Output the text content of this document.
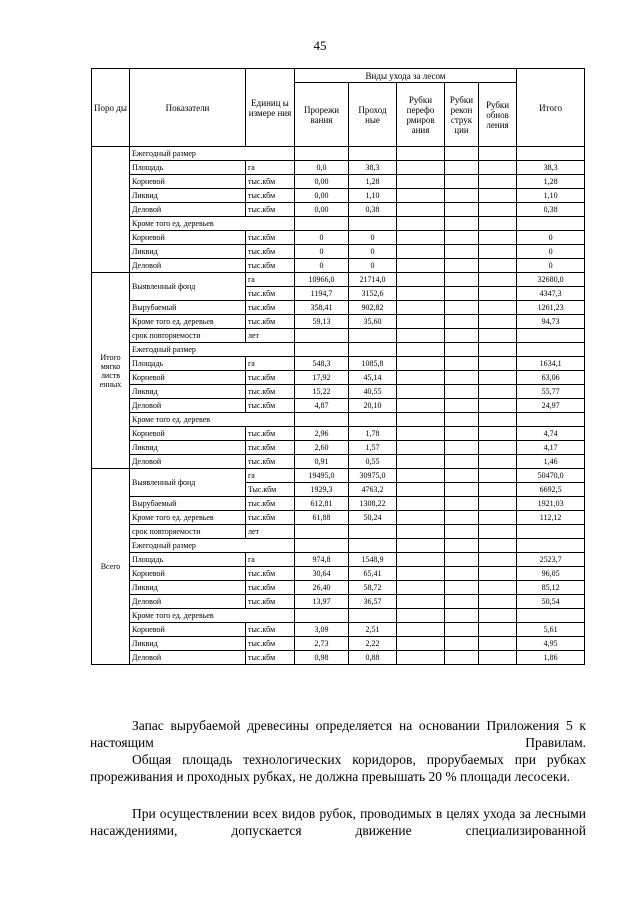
45
Поро ды	Показатели	Единиц ы измере ния	Виды ухода за лесом					Итого
			Прорежи вания	Проход ные	Рубки перефо рмиров ания	Рубки рекон струк ции	Рубки обнов ления	
	Ежегодный размер							
	Площадь	га	0,0	38,3				38,3
	Корневой	тыс.кбм	0,00	1,28				1,28
	Ликвид	тыс.кбм	0,00	1,10				1,10
	Деловой	тыс.кбм	0,00	0,38				0,38
	Кроме того ед. деревьев							
	Корневой	тыс.кбм	0	0				0
	Ликвид	тыс.кбм	0	0				0
	Деловой	тыс.кбм	0	0				0
Итого мягко листв енных	Выявленный фонд	га	10966,0	21714,0				32680,0
		тыс.кбм	1194,7	3152,6				4347,3
	Вырубаемый	тыс.кбм	358,41	902,82				1261,23
	Кроме того ед. деревьев	тыс.кбм	59,13	35,60				94,73
	срок повторяемости	лет						
	Ежегодный размер							
	Площадь	га	548,3	1085,8				1634,1
	Корневой	тыс.кбм	17,92	45,14				63,06
	Ликвид	тыс.кбм	15,22	40,55				55,77
	Деловой	тыс.кбм	4,87	20,10				24,97
	Кроме того ед. деревев							
	Корневой	тыс.кбм	2,96	1,78				4,74
	Ликвид	тыс.кбм	2,60	1,57				4,17
	Деловой	тыс.кбм	0,91	0,55				1,46
Всего	Выявленный фонд	га	19495,0	30975,0				50470,0
		Тыс.кбм	1929,3	4763,2				6692,5
	Вырубаемый	тыс.кбм	612,81	1308,22				1921,03
	Кроме того ед. деревьев	тыс.кбм	61,88	50,24				112,12
	срок повторяемости	лет						
	Ежегодный размер							
	Площадь	га	974,8	1548,9				2523,7
	Корневой	тыс.кбм	30,64	65,41				96,05
	Ликвид	тыс.кбм	26,40	58,72				85,12
	Деловой	тыс.кбм	13,97	36,57				50,54
	Кроме того ед. деревьев							
	Корневой	тыс.кбм	3,09	2,51				5,61
	Ликвид	тыс.кбм	2,73	2,22				4,95
	Деловой	тыс.кбм	0,98	0,88				1,86

Запас вырубаемой древесины определяется на основании Приложения 5 к настоящим Правилам.

Общая площадь технологических коридоров, прорубаемых при рубках прореживания и проходных рубках, не должна превышать 20 % площади лесосеки.

При осуществлении всех видов рубок, проводимых в целях ухода за лесными насаждениями, допускается движение специализированной
